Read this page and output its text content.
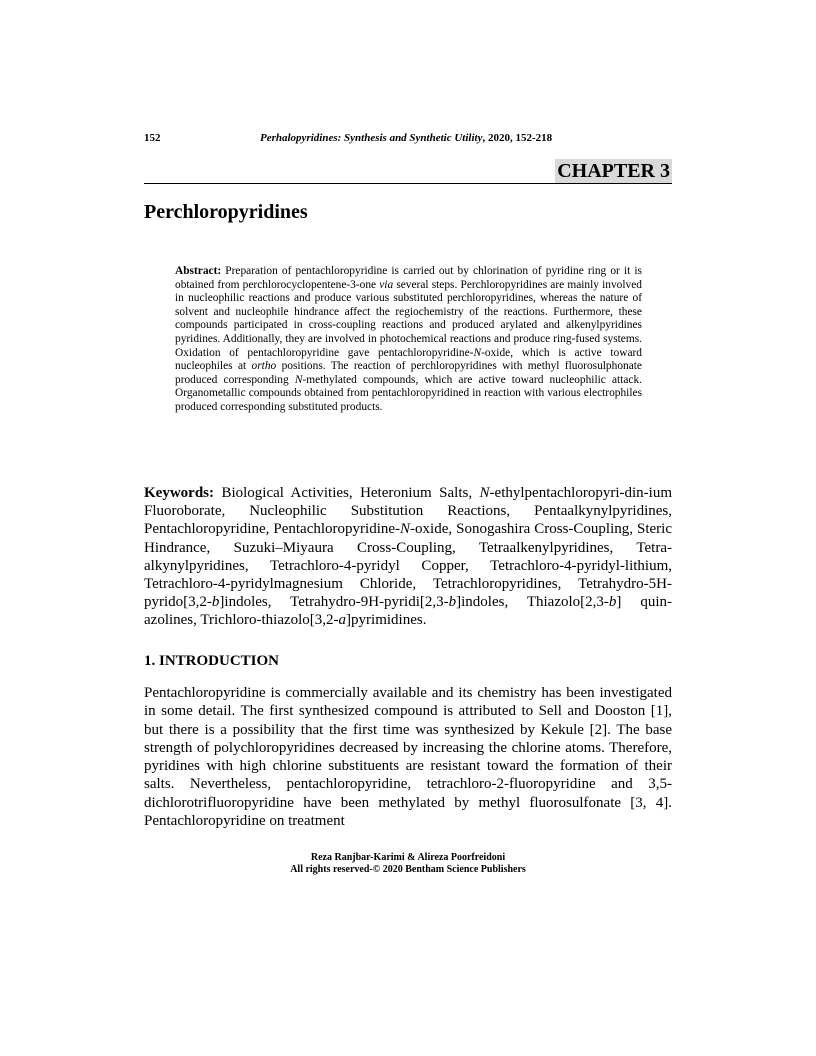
152	Perhalopyridines: Synthesis and Synthetic Utility, 2020, 152-218
CHAPTER 3
Perchloropyridines

Abstract: Preparation of pentachloropyridine is carried out by chlorination of pyridine ring or it is obtained from perchlorocyclopentene-3-one via several steps. Perchloropyridines are mainly involved in nucleophilic reactions and produce various substituted perchloropyridines, whereas the nature of solvent and nucleophile hindrance affect the regiochemistry of the reactions. Furthermore, these compounds participated in cross-coupling reactions and produced arylated and alkenylpyridines pyridines. Additionally, they are involved in photochemical reactions and produce ring-fused systems. Oxidation of pentachloropyridine gave pentachloropyridine-N-oxide, which is active toward nucleophiles at ortho positions. The reaction of perchloropyridines with methyl fluorosulphonate produced corresponding N-methylated compounds, which are active toward nucleophilic attack. Organometallic compounds obtained from pentachloropyridined in reaction with various electrophiles produced corresponding substituted products.

Keywords: Biological Activities, Heteronium Salts, N-ethylpentachloropyri-din-ium Fluoroborate, Nucleophilic Substitution Reactions, Pentaalkynylpyridines, Pentachloropyridine, Pentachloropyridine-N-oxide, Sonogashira Cross-Coupling, Steric Hindrance, Suzuki–Miyaura Cross-Coupling, Tetraalkenylpyridines, Tetra-alkynylpyridines, Tetrachloro-4-pyridyl Copper, Tetrachloro-4-pyridyl-lithium, Tetrachloro-4-pyridylmagnesium Chloride, Tetrachloropyridines, Tetrahydro-5H-pyrido[3,2-b]indoles, Tetrahydro-9H-pyridi[2,3-b]indoles, Thiazolo[2,3-b] quin-azolines, Trichloro-thiazolo[3,2-a]pyrimidines.

1. INTRODUCTION

Pentachloropyridine is commercially available and its chemistry has been investigated in some detail. The first synthesized compound is attributed to Sell and Dooston [1], but there is a possibility that the first time was synthesized by Kekule [2]. The base strength of polychloropyridines decreased by increasing the chlorine atoms. Therefore, pyridines with high chlorine substituents are resistant toward the formation of their salts. Nevertheless, pentachloropyridine, tetrachloro-2-fluoropyridine and 3,5-dichlorotrifluoropyridine have been methylated by methyl fluorosulfonate [3, 4]. Pentachloropyridine on treatment

Reza Ranjbar-Karimi & Alireza Poorfreidoni
All rights reserved-© 2020 Bentham Science Publishers
